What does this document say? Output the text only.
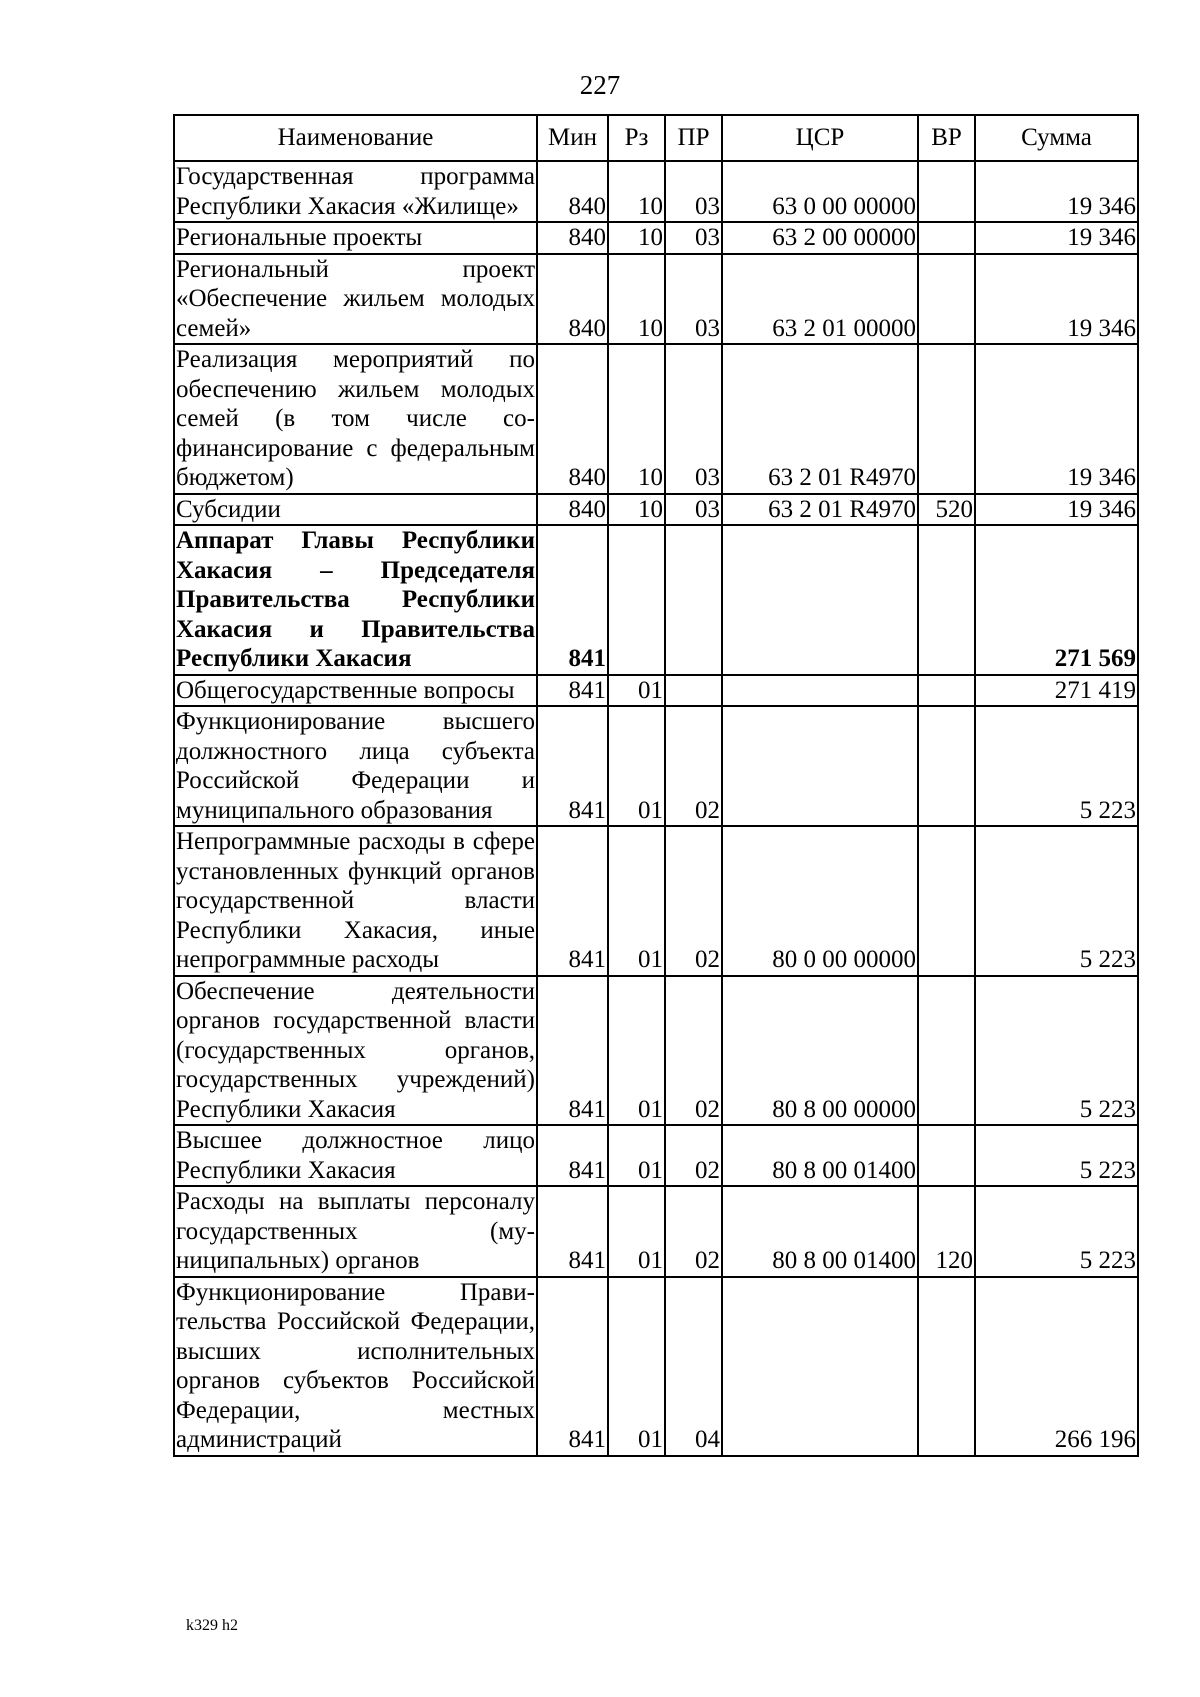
227
Наименование	Мин	Рз	ПР	ЦСР	ВР	Сумма
Государственная программа Республики Хакасия «Жилище»	840	10	03	63 0 00 00000		19 346
Региональные проекты	840	10	03	63 2 00 00000		19 346
Региональный проект «Обеспечение жильем молодых семей»	840	10	03	63 2 01 00000		19 346
Реализация мероприятий по обеспечению жильем молодых семей (в том числе софинансирование с федеральным бюджетом)	840	10	03	63 2 01 R4970		19 346
Субсидии	840	10	03	63 2 01 R4970	520	19 346
Аппарат Главы Республики Хакасия – Председателя Правительства Республики Хакасия и Правительства Республики Хакасия	841					271 569
Общегосударственные вопросы	841	01				271 419
Функционирование высшего должностного лица субъекта Российской Федерации и муниципального образования	841	01	02			5 223
Непрограммные расходы в сфере установленных функций органов государственной власти Республики Хакасия, иные непрограммные расходы	841	01	02	80 0 00 00000		5 223
Обеспечение деятельности органов государственной власти (государственных органов, государственных учреждений) Республики Хакасия	841	01	02	80 8 00 00000		5 223
Высшее должностное лицо Республики Хакасия	841	01	02	80 8 00 01400		5 223
Расходы на выплаты персоналу государственных (муниципальных) органов	841	01	02	80 8 00 01400	120	5 223
Функционирование Правительства Российской Федерации, высших исполнительных органов субъектов Российской Федерации, местных администраций	841	01	04			266 196
k329 h2
